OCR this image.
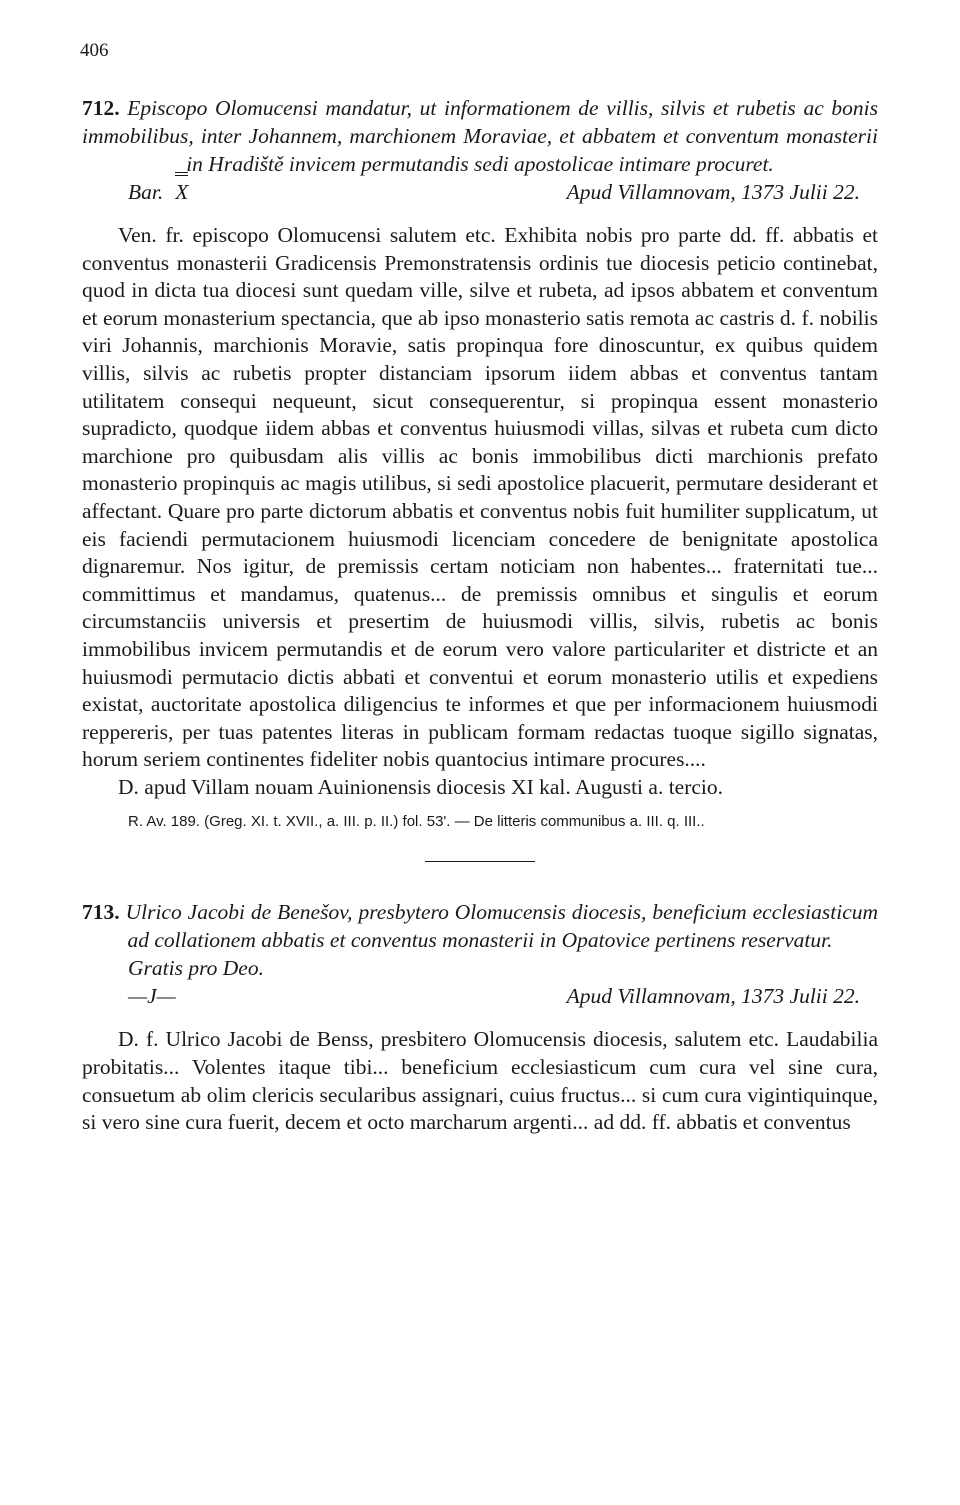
406

712. Episcopo Olomucensi mandatur, ut informationem de villis, silvis et rubetis ac bonis immobilibus, inter Johannem, marchionem Moraviae, et abbatem et conventum monasterii in Hradiště invicem permutandis sedi apostolicae intimare procuret.

Bar. X	Apud Villamnovam, 1373 Julii 22.

Ven. fr. episcopo Olomucensi salutem etc. Exhibita nobis pro parte dd. ff. abbatis et conventus monasterii Gradicensis Premonstratensis ordinis tue diocesis peticio continebat, quod in dicta tua diocesi sunt quedam ville, silve et rubeta, ad ipsos abbatem et conventum et eorum monasterium spectancia, que ab ipso monasterio satis remota ac castris d. f. nobilis viri Johannis, marchionis Moravie, satis propinqua fore dinoscuntur, ex quibus quidem villis, silvis ac rubetis propter distanciam ipsorum iidem abbas et conventus tantam utilitatem consequi nequeunt, sicut consequerentur, si propinqua essent monasterio supradicto, quodque iidem abbas et conventus huiusmodi villas, silvas et rubeta cum dicto marchione pro quibusdam alis villis ac bonis immobilibus dicti marchionis prefato monasterio propinquis ac magis utilibus, si sedi apostolice placuerit, permutare desiderant et affectant. Quare pro parte dictorum abbatis et conventus nobis fuit humiliter supplicatum, ut eis faciendi permutacionem huiusmodi licenciam concedere de benignitate apostolica dignaremur. Nos igitur, de premissis certam noticiam non habentes... fraternitati tue... committimus et mandamus, quatenus... de premissis omnibus et singulis et eorum circumstanciis universis et presertim de huiusmodi villis, silvis, rubetis ac bonis immobilibus invicem permutandis et de eorum vero valore particulariter et districte et an huiusmodi permutacio dictis abbati et conventui et eorum monasterio utilis et expediens existat, auctoritate apostolica diligencius te informes et que per informacionem huiusmodi reppereris, per tuas patentes literas in publicam formam redactas tuoque sigillo signatas, horum seriem continentes fideliter nobis quantocius intimare procures....

D. apud Villam nouam Auinionensis diocesis XI kal. Augusti a. tercio.

R. Av. 189. (Greg. XI. t. XVII., a. III. p. II.) fol. 53'. — De litteris communibus a. III. q. III..

713. Ulrico Jacobi de Benešov, presbytero Olomucensis diocesis, beneficium ecclesiasticum ad collationem abbatis et conventus monasterii in Opatovice pertinens reservatur.

Gratis pro Deo.
—J—	Apud Villamnovam, 1373 Julii 22.

D. f. Ulrico Jacobi de Benss, presbitero Olomucensis diocesis, salutem etc. Laudabilia probitatis... Volentes itaque tibi... beneficium ecclesiasticum cum cura vel sine cura, consuetum ab olim clericis secularibus assignari, cuius fructus... si cum cura vigintiquinque, si vero sine cura fuerit, decem et octo marcharum argenti... ad dd. ff. abbatis et conventus
